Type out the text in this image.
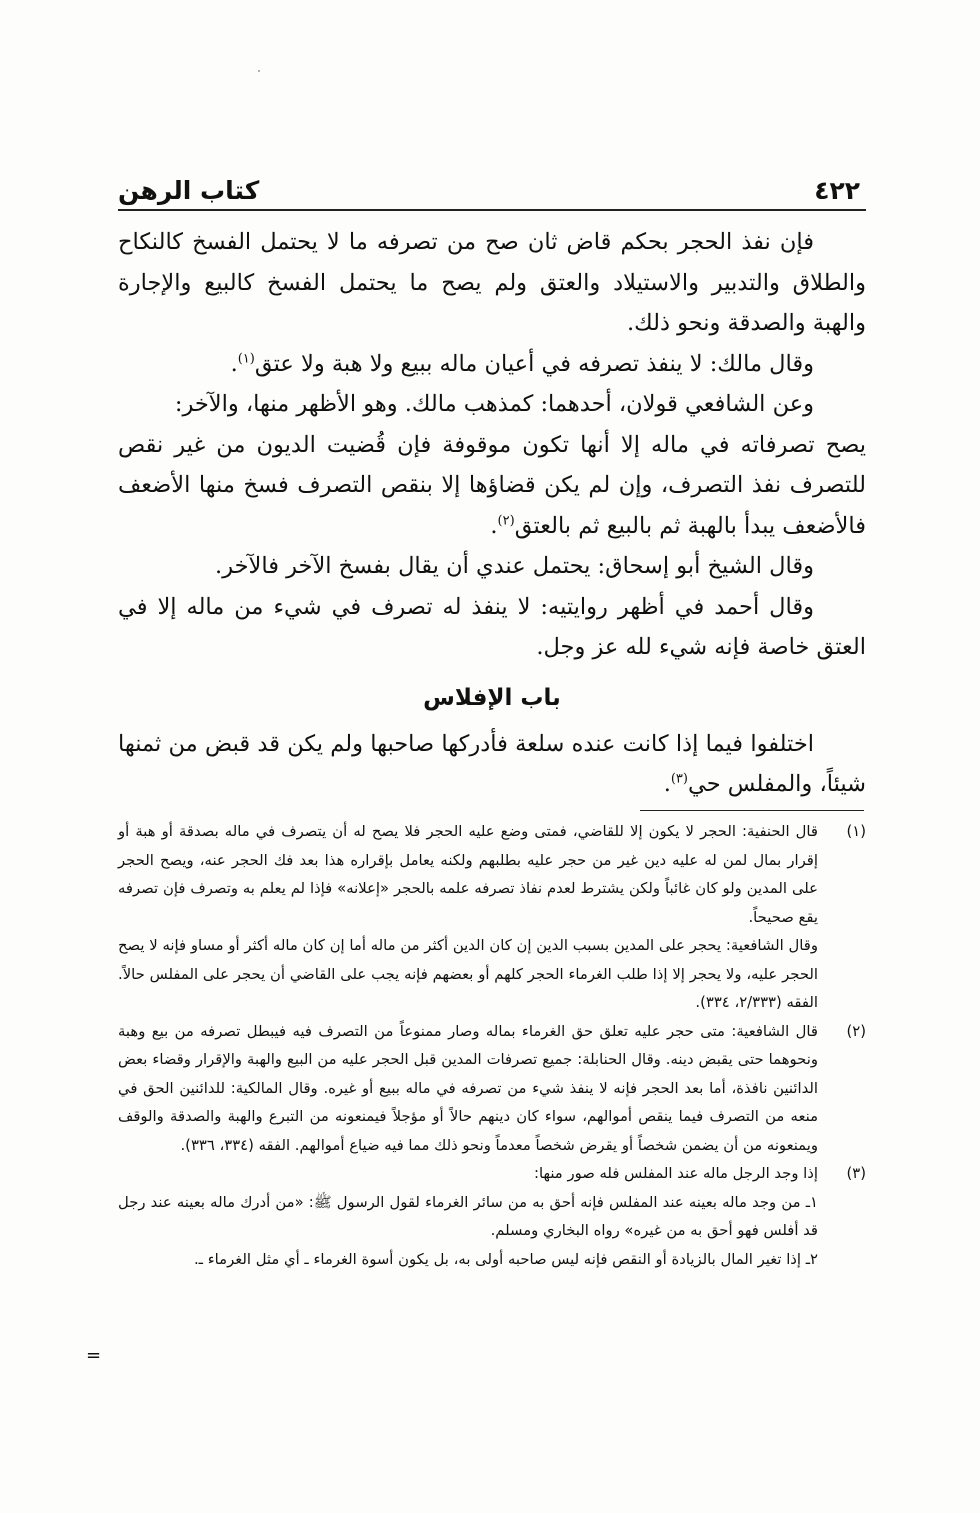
٤٢٢
كتاب الرهن

فإن نفذ الحجر بحكم قاض ثان صح من تصرفه ما لا يحتمل الفسخ كالنكاح والطلاق والتدبير والاستيلاد والعتق ولم يصح ما يحتمل الفسخ كالبيع والإجارة والهبة والصدقة ونحو ذلك.

وقال مالك: لا ينفذ تصرفه في أعيان ماله ببيع ولا هبة ولا عتق$^{(١)}$.

وعن الشافعي قولان، أحدهما: كمذهب مالك. وهو الأظهر منها، والآخر:

يصح تصرفاته في ماله إلا أنها تكون موقوفة فإن قُضيت الديون من غير نقص للتصرف نفذ التصرف، وإن لم يكن قضاؤها إلا بنقص التصرف فسخ منها الأضعف فالأضعف يبدأ بالهبة ثم بالبيع ثم بالعتق$^{(٢)}$.

وقال الشيخ أبو إسحاق: يحتمل عندي أن يقال بفسخ الآخر فالآخر.

وقال أحمد في أظهر روايتيه: لا ينفذ له تصرف في شيء من ماله إلا في العتق خاصة فإنه شيء لله عز وجل.

باب الإفلاس

اختلفوا فيما إذا كانت عنده سلعة فأدركها صاحبها ولم يكن قد قبض من ثمنها شيئاً، والمفلس حي$^{(٣)}$.

(١)

قال الحنفية: الحجر لا يكون إلا للقاضي، فمتى وضع عليه الحجر فلا يصح له أن يتصرف في ماله بصدقة أو هبة أو إقرار بمال لمن له عليه دين غير من حجر عليه بطلبهم ولكنه يعامل بإقراره هذا بعد فك الحجر عنه، ويصح الحجر على المدين ولو كان غائباً ولكن يشترط لعدم نفاذ تصرفه علمه بالحجر «إعلانه» فإذا لم يعلم به وتصرف فإن تصرفه يقع صحيحاً.

وقال الشافعية: يحجر على المدين بسبب الدين إن كان الدين أكثر من ماله أما إن كان ماله أكثر أو مساو فإنه لا يصح الحجر عليه، ولا يحجر إلا إذا طلب الغرماء الحجر كلهم أو بعضهم فإنه يجب على القاضي أن يحجر على المفلس حالاً. الفقه (٢/٣٣٣، ٣٣٤).

(٢)

قال الشافعية: متى حجر عليه تعلق حق الغرماء بماله وصار ممنوعاً من التصرف فيه فيبطل تصرفه من بيع وهبة ونحوهما حتى يقبض دينه. وقال الحنابلة: جميع تصرفات المدين قبل الحجر عليه من البيع والهبة والإقرار وقضاء بعض الدائنين نافذة، أما بعد الحجر فإنه لا ينفذ شيء من تصرفه في ماله ببيع أو غيره. وقال المالكية: للدائنين الحق في منعه من التصرف فيما ينقص أموالهم، سواء كان دينهم حالاً أو مؤجلاً فيمنعونه من التبرع والهبة والصدقة والوقف ويمنعونه من أن يضمن شخصاً أو يقرض شخصاً معدماً ونحو ذلك مما فيه ضياع أموالهم. الفقه (٣٣٤، ٣٣٦).

(٣)

إذا وجد الرجل ماله عند المفلس فله صور منها:

١ـ من وجد ماله بعينه عند المفلس فإنه أحق به من سائر الغرماء لقول الرسول ﷺ: «من أدرك ماله بعينه عند رجل قد أفلس فهو أحق به من غيره» رواه البخاري ومسلم.

٢ـ إذا تغير المال بالزيادة أو النقص فإنه ليس صاحبه أولى به، بل يكون أسوة الغرماء ـ أي مثل الغرماء ـ.

=
